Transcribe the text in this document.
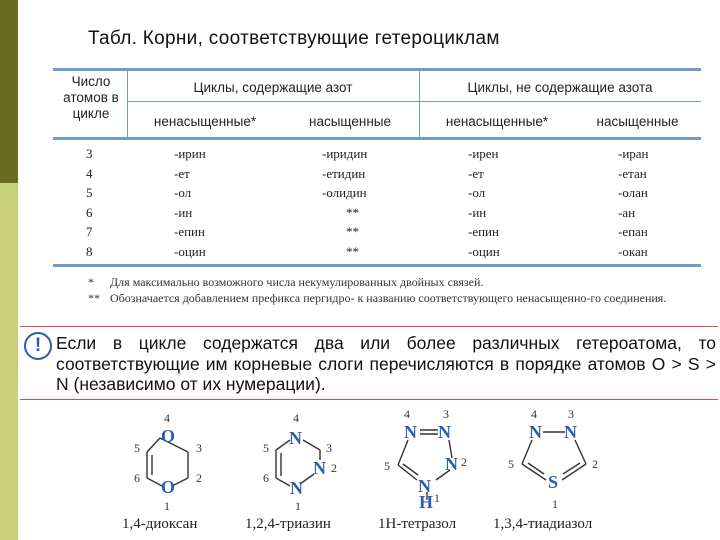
Табл. Корни, соответствующие гетероциклам
Число атомов в цикле
Циклы, содержащие азот	Циклы, не содержащие азота
ненасыщенные*	насыщенные	ненасыщенные*	насыщенные
3	-ирин	-иридин	-ирен	-иран
4	-ет	-етидин	-ет	-етан
5	-ол	-олидин	-ол	-олан
6	-ин	**	-ин	-ан
7	-епин	**	-епин	-епан
8	-оцин	**	-оцин	-окан
* Для максимально возможного числа некумулированных двойных связей.
** Обозначается добавлением префикса пергидро- к названию соответствующего ненасыщенно-го соединения.
! Если в цикле содержатся два или более различных гетероатома, то соответствующие им корневые слоги перечисляются в порядке атомов O > S > N (независимо от их нумерации).
O
O
4
3
2
1
5
6
N
N
N
4
3
2
1
5
6
N N
N
N
H
4	3
2
1
5
N N
S
4	3
2
1
5
1,4-диоксан	1,2,4-триазин	1H-тетразол 1,3,4-тиадиазол
